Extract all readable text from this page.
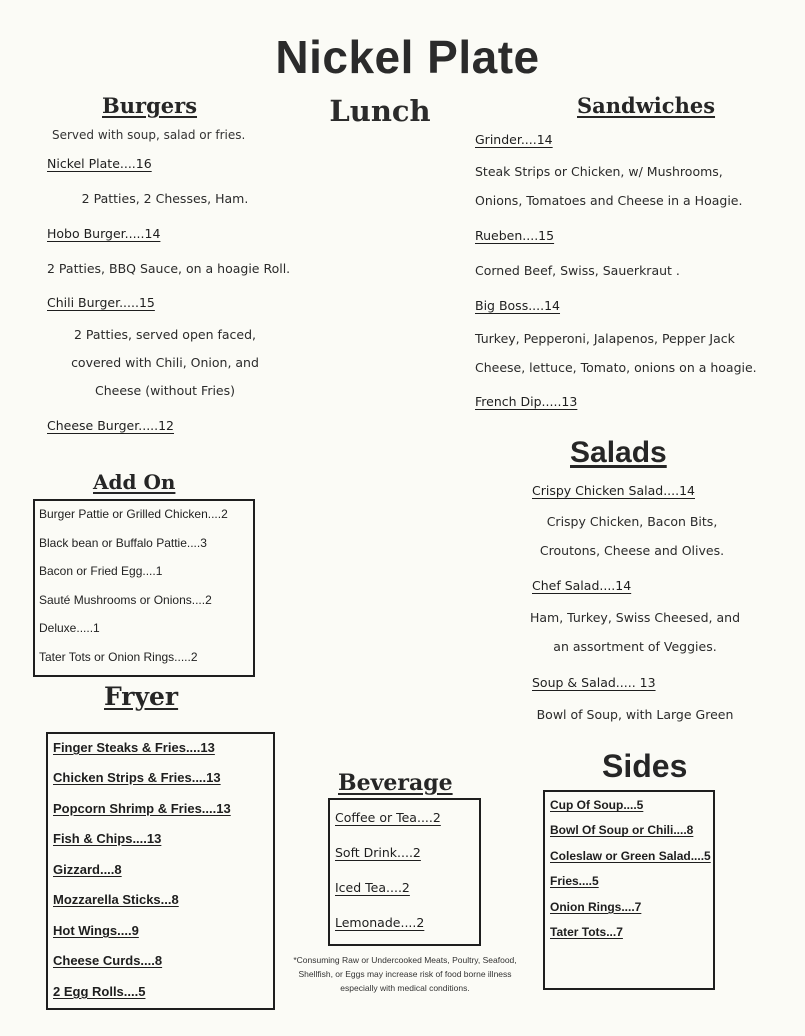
Nickel Plate
Lunch
Burgers
Served with soup, salad or fries.
Nickel Plate....16
2 Patties, 2 Chesses, Ham.
Hobo Burger.....14
2 Patties, BBQ Sauce, on a hoagie Roll.
Chili Burger.....15
2 Patties, served open faced, covered with Chili, Onion, and Cheese (without Fries)
Cheese Burger.....12
Sandwiches
Grinder....14
Steak Strips or Chicken, w/ Mushrooms, Onions, Tomatoes and Cheese in a Hoagie.
Rueben....15
Corned Beef, Swiss, Sauerkraut .
Big Boss....14
Turkey, Pepperoni, Jalapenos, Pepper Jack Cheese, lettuce, Tomato, onions on a hoagie.
French Dip.....13
Add On
Burger Pattie or Grilled Chicken....2
Black bean or Buffalo Pattie....3
Bacon or Fried Egg....1
Sauté Mushrooms or Onions....2
Deluxe.....1
Tater Tots or Onion Rings.....2
Fryer
Finger Steaks & Fries....13
Chicken Strips & Fries....13
Popcorn Shrimp & Fries....13
Fish & Chips....13
Gizzard....8
Mozzarella Sticks...8
Hot Wings....9
Cheese Curds....8
2 Egg Rolls....5
Beverage
Coffee or Tea....2
Soft Drink....2
Iced Tea....2
Lemonade....2
Salads
Crispy Chicken Salad....14
Crispy Chicken, Bacon Bits, Croutons, Cheese and Olives.
Chef Salad....14
Ham, Turkey, Swiss Cheesed, and an assortment of Veggies.
Soup & Salad..... 13
Bowl of Soup, with Large Green
Sides
Cup Of Soup....5
Bowl Of Soup or Chili....8
Coleslaw or Green Salad....5
Fries....5
Onion Rings....7
Tater Tots...7
*Consuming Raw or Undercooked Meats, Poultry, Seafood, Shellfish, or Eggs may increase risk of food borne illness especially with medical conditions.
